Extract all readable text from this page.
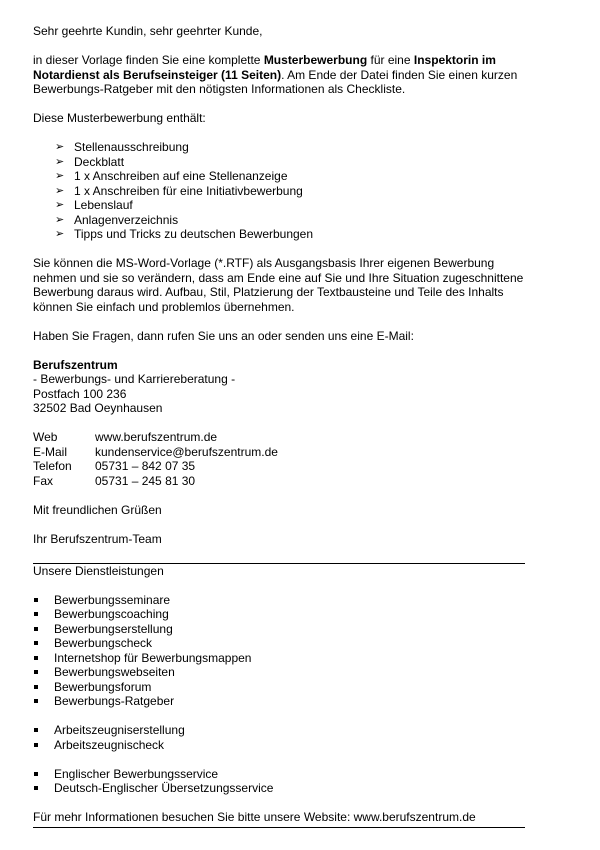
Sehr geehrte Kundin, sehr geehrter Kunde,

in dieser Vorlage finden Sie eine komplette Musterbewerbung für eine Inspektorin im Notardienst als Berufseinsteiger (11 Seiten). Am Ende der Datei finden Sie einen kurzen Bewerbungs-Ratgeber mit den nötigsten Informationen als Checkliste.

Diese Musterbewerbung enthält:

➢ Stellenausschreibung
➢ Deckblatt
➢ 1 x Anschreiben auf eine Stellenanzeige
➢ 1 x Anschreiben für eine Initiativbewerbung
➢ Lebenslauf
➢ Anlagenverzeichnis
➢ Tipps und Tricks zu deutschen Bewerbungen

Sie können die MS-Word-Vorlage (*.RTF) als Ausgangsbasis Ihrer eigenen Bewerbung nehmen und sie so verändern, dass am Ende eine auf Sie und Ihre Situation zugeschnittene Bewerbung daraus wird. Aufbau, Stil, Platzierung der Textbausteine und Teile des Inhalts können Sie einfach und problemlos übernehmen.

Haben Sie Fragen, dann rufen Sie uns an oder senden uns eine E-Mail:

Berufszentrum

- Bewerbungs- und Karriereberatung -

Postfach 100 236

32502 Bad Oeynhausen

Web	www.berufszentrum.de
E-Mail	kundenservice@berufszentrum.de
Telefon	05731 – 842 07 35
Fax	05731 – 245 81 30

Mit freundlichen Grüßen

Ihr Berufszentrum-Team

Unsere Dienstleistungen

Bewerbungsseminare
Bewerbungscoaching
Bewerbungserstellung
Bewerbungscheck
Internetshop für Bewerbungsmappen
Bewerbungswebseiten
Bewerbungsforum
Bewerbungs-Ratgeber
Arbeitszeugniserstellung
Arbeitszeugnischeck
Englischer Bewerbungsservice
Deutsch-Englischer Übersetzungsservice

Für mehr Informationen besuchen Sie bitte unsere Website: www.berufszentrum.de
